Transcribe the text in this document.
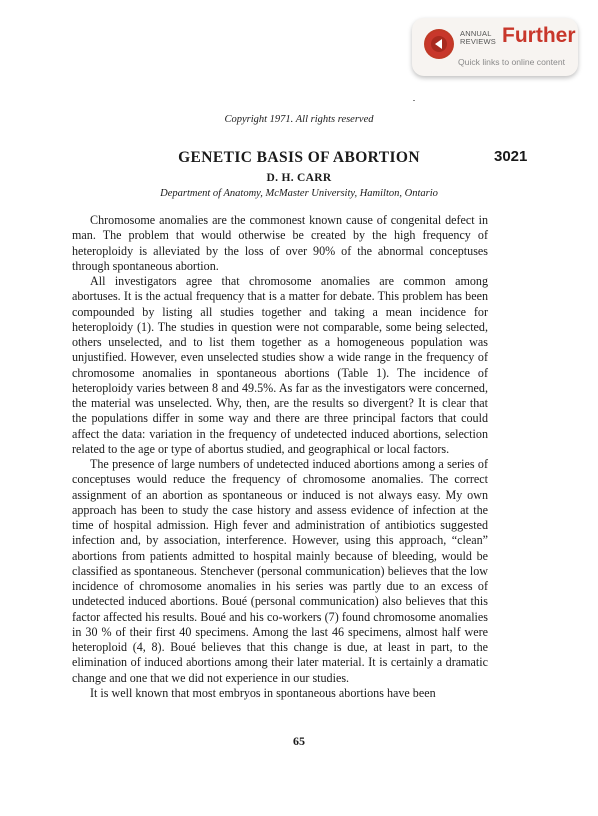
ANNUAL
REVIEWS Further
Quick links to online content
Copyright 1971. All rights reserved
GENETIC BASIS OF ABORTION	3021
D. H. CARR
Department of Anatomy, McMaster University, Hamilton, Ontario

Chromosome anomalies are the commonest known cause of congenital defect in man. The problem that would otherwise be created by the high frequency of heteroploidy is alleviated by the loss of over 90% of the abnormal conceptuses through spontaneous abortion.

All investigators agree that chromosome anomalies are common among abortuses. It is the actual frequency that is a matter for debate. This problem has been compounded by listing all studies together and taking a mean incidence for heteroploidy (1). The studies in question were not comparable, some being selected, others unselected, and to list them together as a homogeneous population was unjustified. However, even unselected studies show a wide range in the frequency of chromosome anomalies in spontaneous abortions (Table 1). The incidence of heteroploidy varies between 8 and 49.5%. As far as the investigators were concerned, the material was unselected. Why, then, are the results so divergent? It is clear that the populations differ in some way and there are three principal factors that could affect the data: variation in the frequency of undetected induced abortions, selection related to the age or type of abortus studied, and geographical or local factors.

The presence of large numbers of undetected induced abortions among a series of conceptuses would reduce the frequency of chromosome anomalies. The correct assignment of an abortion as spontaneous or induced is not always easy. My own approach has been to study the case history and assess evidence of infection at the time of hospital admission. High fever and administration of antibiotics suggested infection and, by association, interference. However, using this approach, “clean” abortions from patients admitted to hospital mainly because of bleeding, would be classified as spontaneous. Stenchever (personal communication) believes that the low incidence of chromosome anomalies in his series was partly due to an excess of undetected induced abortions. Boué (personal communication) also believes that this factor affected his results. Boué and his co-workers (7) found chromosome anomalies in 30 % of their first 40 specimens. Among the last 46 specimens, almost half were heteroploid (4, 8). Boué believes that this change is due, at least in part, to the elimination of induced abortions among their later material. It is certainly a dramatic change and one that we did not experience in our studies.

It is well known that most embryos in spontaneous abortions have been

65
